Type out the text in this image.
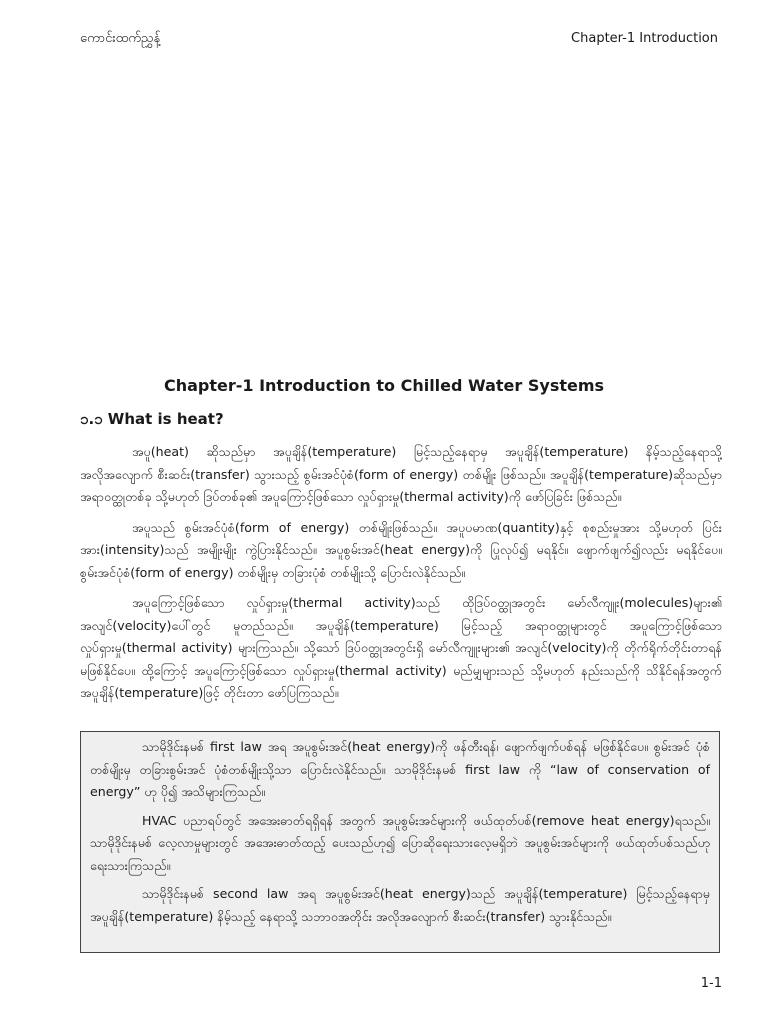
ကောင်းထက်ညွှန့်	Chapter-1 Introduction
Chapter-1 Introduction to Chilled Water Systems
၁.၁ What is heat?

အပူ(heat) ဆိုသည်မှာ အပူချိန်(temperature) မြင့်သည့်နေရာမှ အပူချိန်(temperature) နိမ့်သည့်နေရာသို့ အလိုအလျောက် စီးဆင်း(transfer) သွားသည့် စွမ်းအင်ပုံစံ(form of energy) တစ်မျိုး ဖြစ်သည်။ အပူချိန်(temperature)ဆိုသည်မှာ အရာဝတ္ထုတစ်ခု သို့မဟုတ် ဒြပ်တစ်ခု၏ အပူကြောင့်ဖြစ်သော လှုပ်ရှားမှု(thermal activity)ကို ဖော်ပြခြင်း ဖြစ်သည်။

အပူသည် စွမ်းအင်ပုံစံ(form of energy) တစ်မျိုးဖြစ်သည်။ အပူပမာဏ(quantity)နှင့် စုစည်းမှုအား သို့မဟုတ် ပြင်းအား(intensity)သည် အမျိုးမျိုး ကွဲပြားနိုင်သည်။ အပူစွမ်းအင်(heat energy)ကို ပြုလုပ်၍ မရနိုင်။ ဖျောက်ဖျက်၍လည်း မရနိုင်ပေ။ စွမ်းအင်ပုံစံ(form of energy) တစ်မျိုးမှ တခြားပုံစံ တစ်မျိုးသို့ ပြောင်းလဲနိုင်သည်။

အပူကြောင့်ဖြစ်သော လှုပ်ရှားမှု(thermal activity)သည် ထိုဒြပ်ဝတ္ထုအတွင်း မော်လီကျူး(molecules)များ၏ အလျင်(velocity)ပေါ်တွင် မူတည်သည်။ အပူချိန်(temperature) မြင့်သည့် အရာဝတ္ထုများတွင် အပူကြောင့်ဖြစ်သော လှုပ်ရှားမှု(thermal activity) များကြသည်။ သို့သော် ဒြပ်ဝတ္ထုအတွင်းရှိ မော်လီကျူးများ၏ အလျင်(velocity)ကို တိုက်ရိုက်တိုင်းတာရန် မဖြစ်နိုင်ပေ။ ထို့ကြောင့် အပူကြောင့်ဖြစ်သော လှုပ်ရှားမှု(thermal activity) မည်မျှများသည် သို့မဟုတ် နည်းသည်ကို သိနိုင်ရန်အတွက် အပူချိန်(temperature)ဖြင့် တိုင်းတာ ဖော်ပြကြသည်။

သာမိုဒိုင်းနမစ် first law အရ အပူစွမ်းအင်(heat energy)ကို ဖန်တီးရန်၊ ဖျောက်ဖျက်ပစ်ရန် မဖြစ်နိုင်ပေ။ စွမ်းအင် ပုံစံတစ်မျိုးမှ တခြားစွမ်းအင် ပုံစံတစ်မျိုးသို့သာ ပြောင်းလဲနိုင်သည်။ သာမိုဒိုင်းနမစ် first law ကို “law of conservation of energy” ဟု ပို၍ အသိများကြသည်။

HVAC ပညာရပ်တွင် အအေးဓာတ်ရရှိရန် အတွက် အပူစွမ်းအင်များကို ဖယ်ထုတ်ပစ်(remove heat energy)ရသည်။ သာမိုဒိုင်းနမစ် လေ့လာမှုများတွင် အအေးဓာတ်ထည့် ပေးသည်ဟု၍ ပြောဆိုရေးသားလေ့မရှိဘဲ အပူစွမ်းအင်များကို ဖယ်ထုတ်ပစ်သည်ဟု ရေးသားကြသည်။

သာမိုဒိုင်းနမစ် second law အရ အပူစွမ်းအင်(heat energy)သည် အပူချိန်(temperature) မြင့်သည့်နေရာမှ အပူချိန်(temperature) နိမ့်သည့် နေရာသို့ သဘာဝအတိုင်း အလိုအလျောက် စီးဆင်း(transfer) သွားနိုင်သည်။

1-1
